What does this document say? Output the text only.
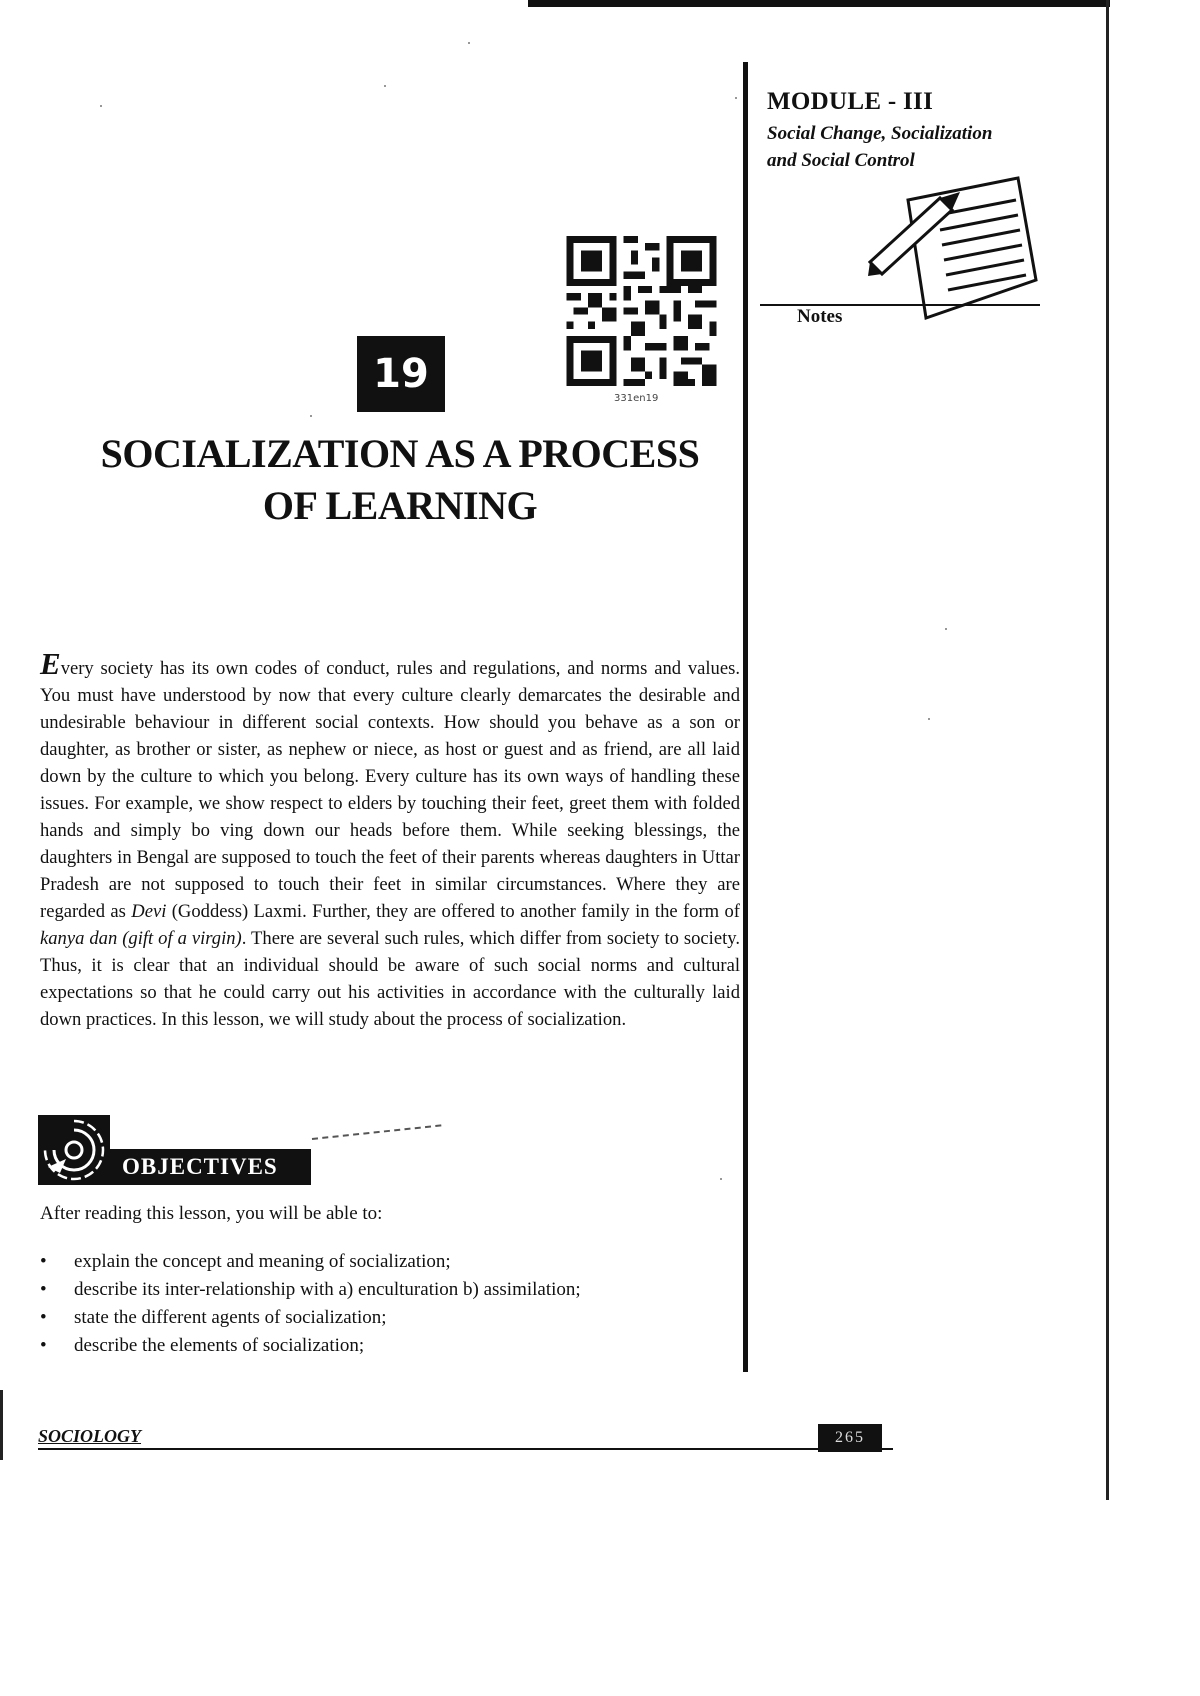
MODULE - III
Social Change, Socialization
and Social Control
Notes
331en19
19
SOCIALIZATION AS A PROCESS
OF LEARNING
Every society has its own codes of conduct, rules and regulations, and norms and values. You must have understood by now that every culture clearly demarcates the desirable and undesirable behaviour in different social contexts. How should you behave as a son or daughter, as brother or sister, as nephew or niece, as host or guest and as friend, are all laid down by the culture to which you belong. Every culture has its own ways of handling these issues. For example, we show respect to elders by touching their feet, greet them with folded hands and simply bo ving down our heads before them. While seeking blessings, the daughters in Bengal are supposed to touch the feet of their parents whereas daughters in Uttar Pradesh are not supposed to touch their feet in similar circumstances. Where they are regarded as Devi (Goddess) Laxmi. Further, they are offered to another family in the form of kanya dan (gift of a virgin). There are several such rules, which differ from society to society. Thus, it is clear that an individual should be aware of such social norms and cultural expectations so that he could carry out his activities in accordance with the culturally laid down practices. In this lesson, we will study about the process of socialization.
OBJECTIVES
After reading this lesson, you will be able to:
• explain the concept and meaning of socialization;
• describe its inter-relationship with a) enculturation b) assimilation;
• state the different agents of socialization;
• describe the elements of socialization;
SOCIOLOGY	265
